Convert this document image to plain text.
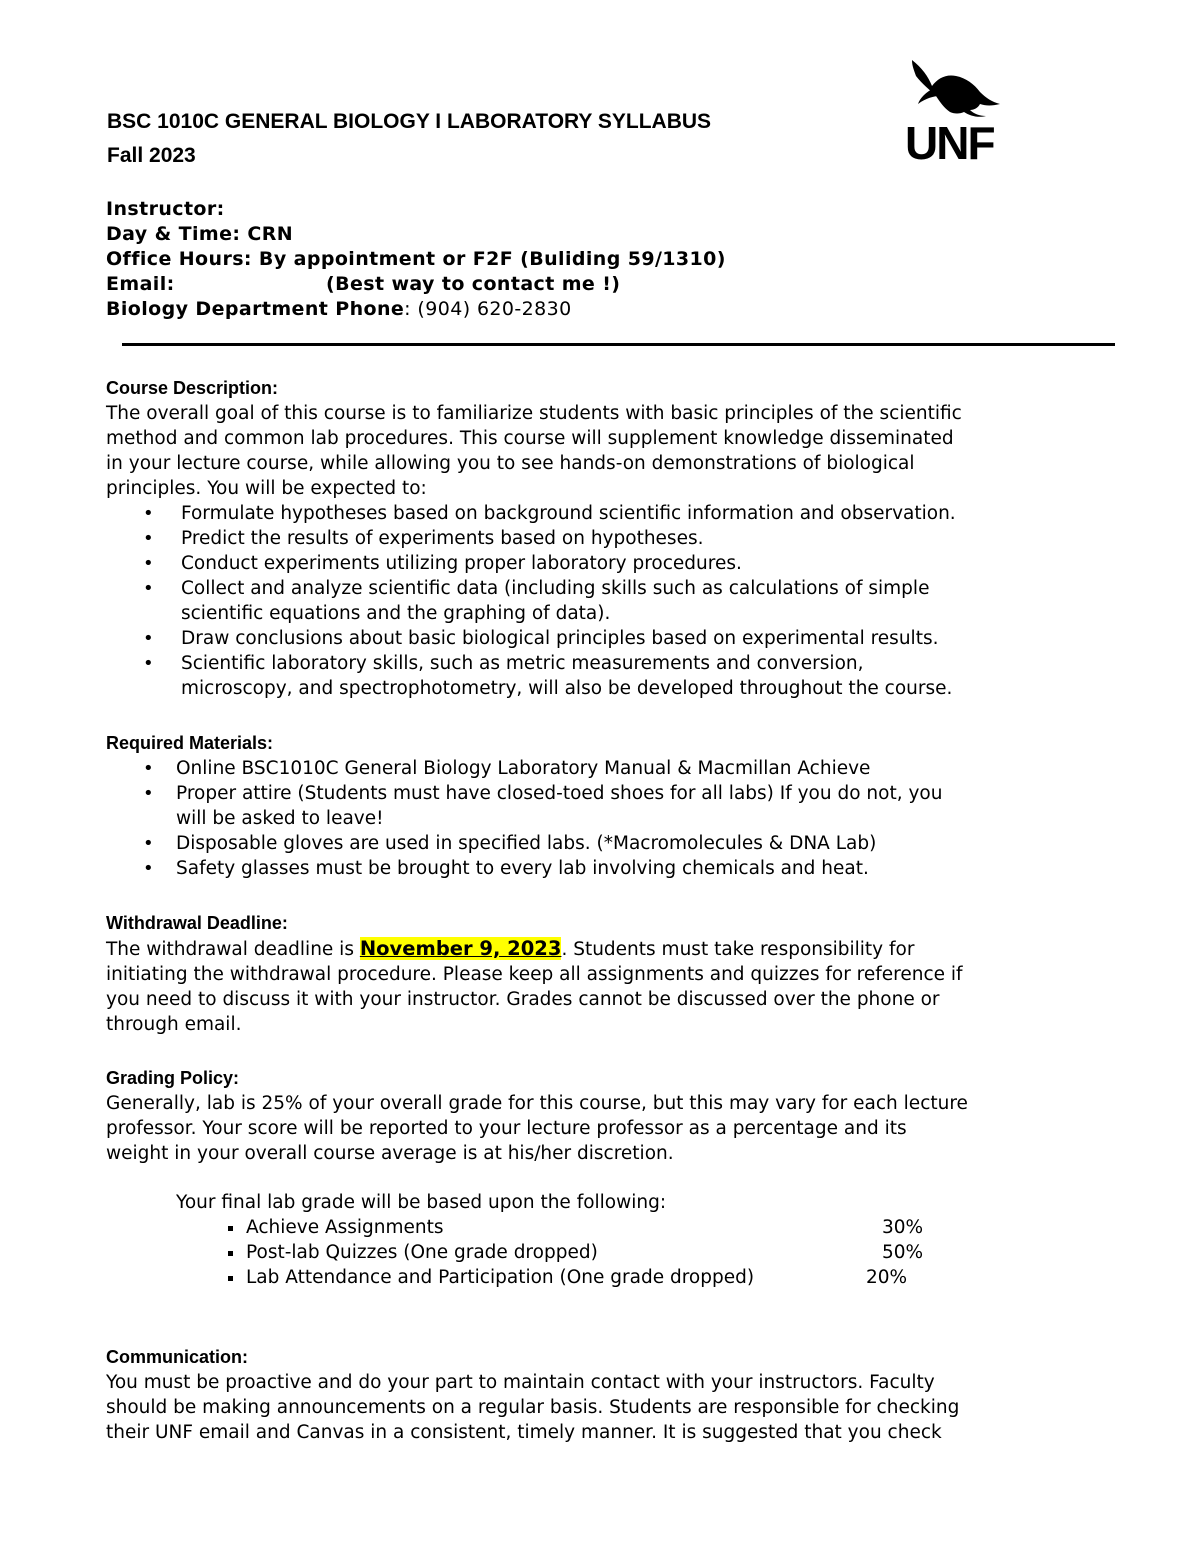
BSC 1010C GENERAL BIOLOGY I LABORATORY SYLLABUS
Fall 2023	UNF
Instructor:
Day & Time: CRN
Office Hours: By appointment or F2F (Buliding 59/1310)
Email:	(Best way to contact me !)
Biology Department Phone: (904) 620-2830
Course Description:
The overall goal of this course is to familiarize students with basic principles of the scientific
method and common lab procedures. This course will supplement knowledge disseminated
in your lecture course, while allowing you to see hands-on demonstrations of biological
principles. You will be expected to:
• Formulate hypotheses based on background scientific information and observation.
• Predict the results of experiments based on hypotheses.
• Conduct experiments utilizing proper laboratory procedures.
• Collect and analyze scientific data (including skills such as calculations of simple
scientific equations and the graphing of data).
• Draw conclusions about basic biological principles based on experimental results.
• Scientific laboratory skills, such as metric measurements and conversion,
microscopy, and spectrophotometry, will also be developed throughout the course.
Required Materials:
• Online BSC1010C General Biology Laboratory Manual & Macmillan Achieve
• Proper attire (Students must have closed-toed shoes for all labs) If you do not, you
will be asked to leave!
• Disposable gloves are used in specified labs. (*Macromolecules & DNA Lab)
• Safety glasses must be brought to every lab involving chemicals and heat.
Withdrawal Deadline:
The withdrawal deadline is November 9, 2023. Students must take responsibility for
initiating the withdrawal procedure. Please keep all assignments and quizzes for reference if
you need to discuss it with your instructor. Grades cannot be discussed over the phone or
through email.
Grading Policy:
Generally, lab is 25% of your overall grade for this course, but this may vary for each lecture
professor. Your score will be reported to your lecture professor as a percentage and its
weight in your overall course average is at his/her discretion.
Your final lab grade will be based upon the following:
Achieve Assignments	30%
Post-lab Quizzes (One grade dropped)	50%
Lab Attendance and Participation (One grade dropped)	20%
Communication:
You must be proactive and do your part to maintain contact with your instructors. Faculty
should be making announcements on a regular basis. Students are responsible for checking
their UNF email and Canvas in a consistent, timely manner. It is suggested that you check
